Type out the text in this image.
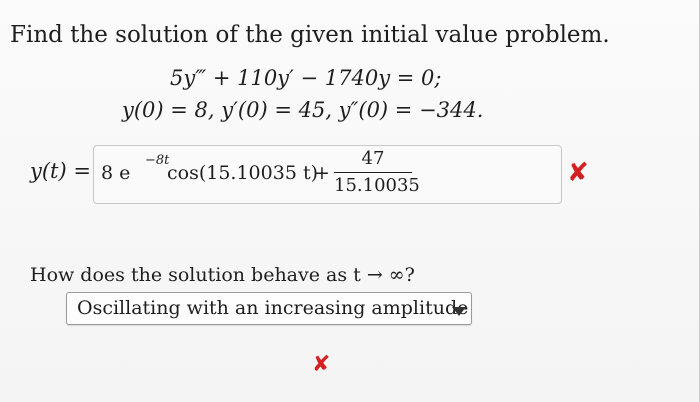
Find the solution of the given initial value problem.
5y‴ + 110y′ − 1740y = 0;
y(0) = 8, y′(0) = 45, y″(0) = −344.
y(t) = 8 e
−8t
cos(15.10035 t)
+
47
15.10035	✘
How does the solution behave as t → ∞?
Oscillating with an increasing amplitude
✘
